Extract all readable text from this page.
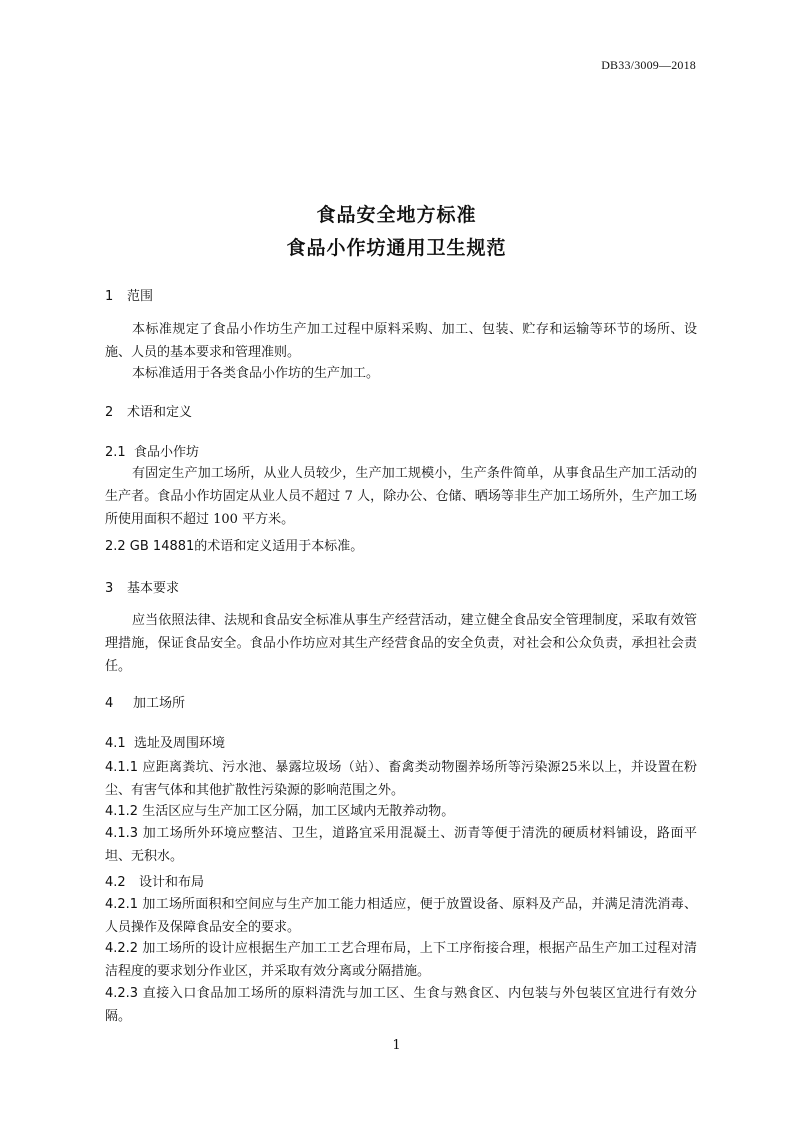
DB33/3009—2018
食品安全地方标准
食品小作坊通用卫生规范
1 范围
本标准规定了食品小作坊生产加工过程中原料采购、加工、包装、贮存和运输等环节的场所、设施、人员的基本要求和管理准则。
本标准适用于各类食品小作坊的生产加工。
2 术语和定义
2.1 食品小作坊
有固定生产加工场所，从业人员较少，生产加工规模小，生产条件简单，从事食品生产加工活动的生产者。食品小作坊固定从业人员不超过 7 人，除办公、仓储、晒场等非生产加工场所外，生产加工场所使用面积不超过 100 平方米。
2.2 GB 14881的术语和定义适用于本标准。
3 基本要求
应当依照法律、法规和食品安全标准从事生产经营活动，建立健全食品安全管理制度，采取有效管理措施，保证食品安全。食品小作坊应对其生产经营食品的安全负责，对社会和公众负责，承担社会责任。
4 加工场所
4.1 选址及周围环境
4.1.1 应距离粪坑、污水池、暴露垃圾场（站）、畜禽类动物圈养场所等污染源25米以上，并设置在粉尘、有害气体和其他扩散性污染源的影响范围之外。
4.1.2 生活区应与生产加工区分隔，加工区域内无散养动物。
4.1.3 加工场所外环境应整洁、卫生，道路宜采用混凝土、沥青等便于清洗的硬质材料铺设，路面平坦、无积水。
4.2 设计和布局
4.2.1 加工场所面积和空间应与生产加工能力相适应，便于放置设备、原料及产品，并满足清洗消毒、人员操作及保障食品安全的要求。
4.2.2 加工场所的设计应根据生产加工工艺合理布局，上下工序衔接合理，根据产品生产加工过程对清洁程度的要求划分作业区，并采取有效分离或分隔措施。
4.2.3 直接入口食品加工场所的原料清洗与加工区、生食与熟食区、内包装与外包装区宜进行有效分隔。
1
